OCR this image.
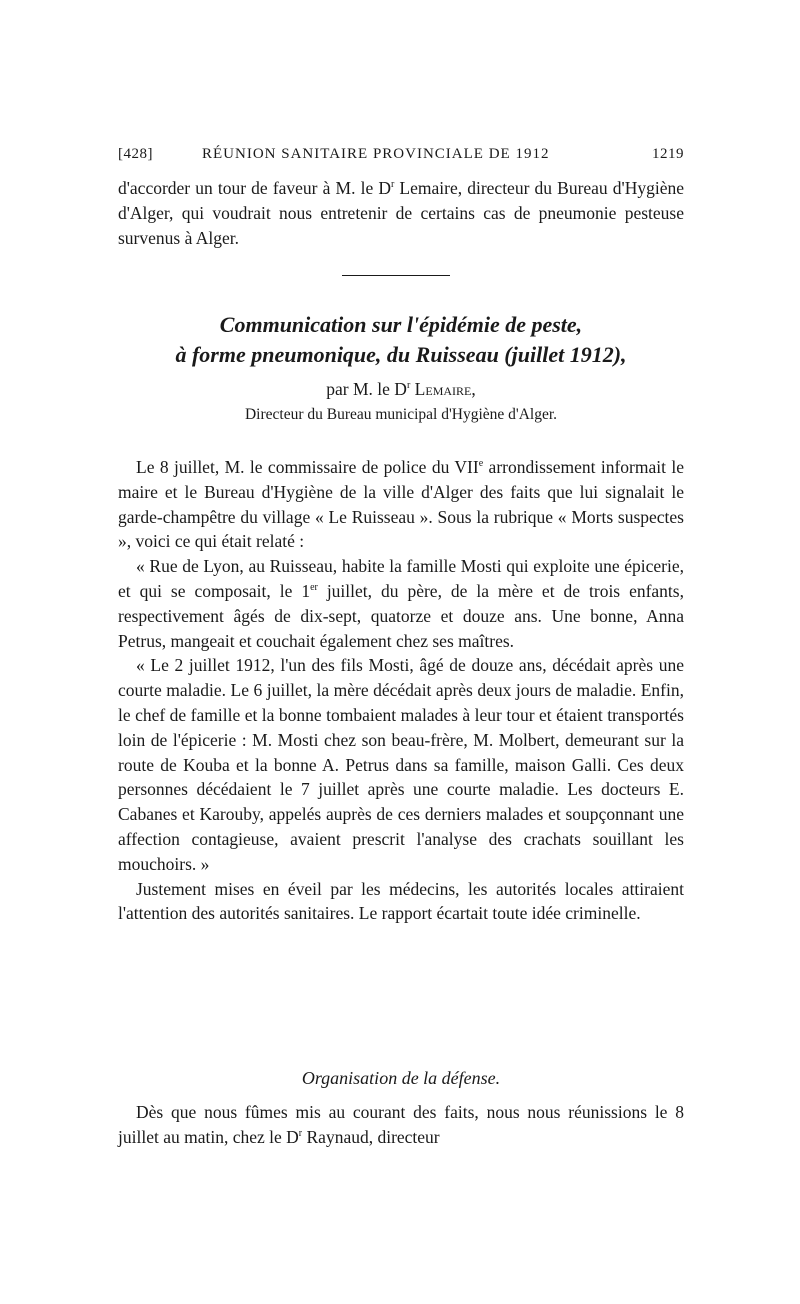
[428]	RÉUNION SANITAIRE PROVINCIALE DE 1912	1219

d'accorder un tour de faveur à M. le $D^r$ Lemaire, directeur du Bureau d'Hygiène d'Alger, qui voudrait nous entretenir de certains cas de pneumonie pesteuse survenus à Alger.

Communication sur l'épidémie de peste,
à forme pneumonique, du Ruisseau (juillet 1912),
par M. le $D^r$ Lemaire,
Directeur du Bureau municipal d'Hygiène d'Alger.

Le 8 juillet, M. le commissaire de police du VIIe arrondissement informait le maire et le Bureau d'Hygiène de la ville d'Alger des faits que lui signalait le garde-champêtre du village « Le Ruisseau ». Sous la rubrique « Morts suspectes », voici ce qui était relaté :

« Rue de Lyon, au Ruisseau, habite la famille Mosti qui exploite une épicerie, et qui se composait, le 1er juillet, du père, de la mère et de trois enfants, respectivement âgés de dix-sept, quatorze et douze ans. Une bonne, Anna Petrus, mangeait et couchait également chez ses maîtres.

« Le 2 juillet 1912, l'un des fils Mosti, âgé de douze ans, décédait après une courte maladie. Le 6 juillet, la mère décédait après deux jours de maladie. Enfin, le chef de famille et la bonne tombaient malades à leur tour et étaient transportés loin de l'épicerie : M. Mosti chez son beau-frère, M. Molbert, demeurant sur la route de Kouba et la bonne A. Petrus dans sa famille, maison Galli. Ces deux personnes décédaient le 7 juillet après une courte maladie. Les docteurs E. Cabanes et Karouby, appelés auprès de ces derniers malades et soupçonnant une affection contagieuse, avaient prescrit l'analyse des crachats souillant les mouchoirs. »

Justement mises en éveil par les médecins, les autorités locales attiraient l'attention des autorités sanitaires. Le rapport écartait toute idée criminelle.

Organisation de la défense.

Dès que nous fûmes mis au courant des faits, nous nous réunissions le 8 juillet au matin, chez le $D^r$ Raynaud, directeur
